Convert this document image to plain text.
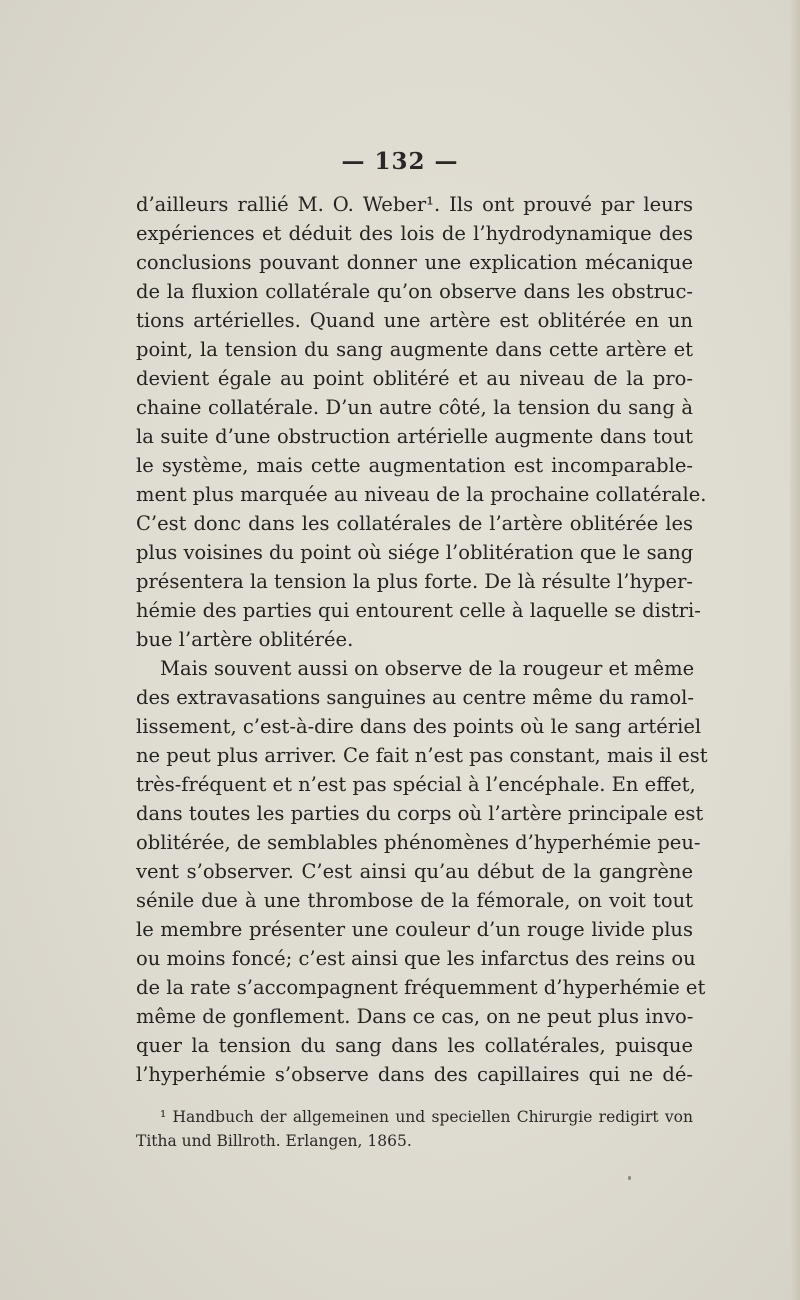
— 132 —
d’ailleurs rallié M. O. Weber¹. Ils ont prouvé par leurs
expériences et déduit des lois de l’hydrodynamique des
conclusions pouvant donner une explication mécanique
de la fluxion collatérale qu’on observe dans les obstruc-
tions artérielles. Quand une artère est oblitérée en un
point, la tension du sang augmente dans cette artère et
devient égale au point oblitéré et au niveau de la pro-
chaine collatérale. D’un autre côté, la tension du sang à
la suite d’une obstruction artérielle augmente dans tout
le système, mais cette augmentation est incomparable-
ment plus marquée au niveau de la prochaine collatérale.
C’est donc dans les collatérales de l’artère oblitérée les
plus voisines du point où siége l’oblitération que le sang
présentera la tension la plus forte. De là résulte l’hyper-
hémie des parties qui entourent celle à laquelle se distri-
bue l’artère oblitérée.
Mais souvent aussi on observe de la rougeur et même
des extravasations sanguines au centre même du ramol-
lissement, c’est-à-dire dans des points où le sang artériel
ne peut plus arriver. Ce fait n’est pas constant, mais il est
très-fréquent et n’est pas spécial à l’encéphale. En effet,
dans toutes les parties du corps où l’artère principale est
oblitérée, de semblables phénomènes d’hyperhémie peu-
vent s’observer. C’est ainsi qu’au début de la gangrène
sénile due à une thrombose de la fémorale, on voit tout
le membre présenter une couleur d’un rouge livide plus
ou moins foncé; c’est ainsi que les infarctus des reins ou
de la rate s’accompagnent fréquemment d’hyperhémie et
même de gonflement. Dans ce cas, on ne peut plus invo-
quer la tension du sang dans les collatérales, puisque
l’hyperhémie s’observe dans des capillaires qui ne dé-
¹ Handbuch der allgemeinen und speciellen Chirurgie redigirt von
Titha und Billroth. Erlangen, 1865.
